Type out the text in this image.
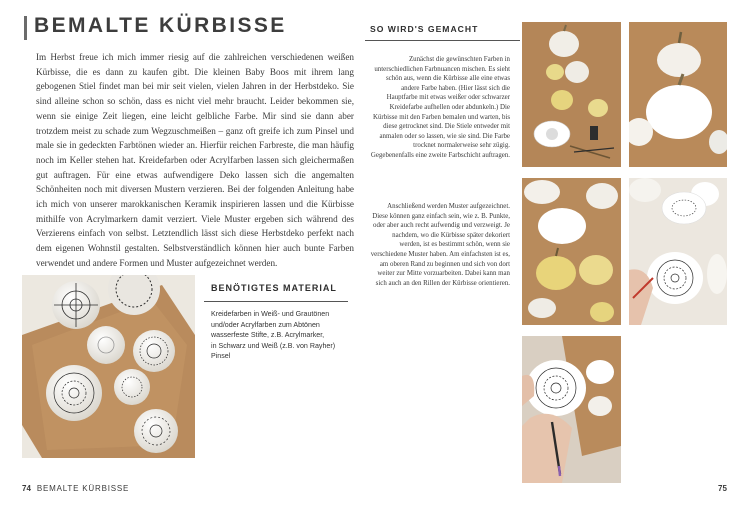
BEMALTE KÜRBISSE

Im Herbst freue ich mich immer riesig auf die zahlreichen verschiedenen weißen Kürbisse, die es dann zu kaufen gibt. Die kleinen Baby Boos mit ihrem lang gebogenen Stiel findet man bei mir seit vielen, vielen Jahren in der Herbstdeko. Sie sind alleine schon so schön, dass es nicht viel mehr braucht. Leider bekommen sie, wenn sie einige Zeit liegen, eine leicht gelbliche Farbe. Mir sind sie dann aber trotzdem meist zu schade zum Wegzuschmeißen – ganz oft greife ich zum Pinsel und male sie in gedeckten Farbtönen wieder an. Hierfür reichen Farbreste, die man häufig noch im Keller stehen hat. Kreidefarben oder Acrylfarben lassen sich gleichermaßen gut auftragen. Für eine etwas aufwendigere Deko lassen sich die angemalten Schönheiten noch mit diversen Mustern verzieren. Bei der folgenden Anleitung habe ich mich von unserer marokkanischen Keramik inspirieren lassen und die Kürbisse mithilfe von Acrylmarkern damit verziert. Viele Muster ergeben sich während des Verzierens einfach von selbst. Letztendlich lässt sich diese Herbstdeko perfekt nach dem eigenen Wohnstil gestalten. Selbstverständlich können hier auch bunte Farben verwendet und andere Formen und Muster aufgezeichnet werden.

BENÖTIGTES MATERIAL
Kreidefarben in Weiß- und Grautönen
und/oder Acrylfarben zum Abtönen
wasserfeste Stifte, z.B. Acrylmarker,
in Schwarz und Weiß (z.B. von Rayher)
Pinsel
74 BEMALTE KÜRBISSE
SO WIRD'S GEMACHT

Zunächst die gewünschten Farben in unterschiedlichen Farbnuancen mischen. Es sieht schön aus, wenn die Kürbisse alle eine etwas andere Farbe haben. (Hier lässt sich die Hauptfarbe mit etwas weißer oder schwarzer Kreidefarbe aufhellen oder abdunkeln.) Die Kürbisse mit den Farben bemalen und warten, bis diese getrocknet sind. Die Stiele entweder mit anmalen oder so lassen, wie sie sind. Die Farbe trocknet normalerweise sehr zügig. Gegebenenfalls eine zweite Farbschicht auftragen.

Anschließend werden Muster aufgezeichnet. Diese können ganz einfach sein, wie z. B. Punkte, oder aber auch recht aufwendig und verzweigt. Je nachdem, wo die Kürbisse später dekoriert werden, ist es bestimmt schön, wenn sie verschiedene Muster haben. Am einfachsten ist es, am oberen Rand zu beginnen und sich von dort weiter zur Mitte vorzuarbeiten. Dabei kann man sich auch an den Rillen der Kürbisse orientieren.

75
